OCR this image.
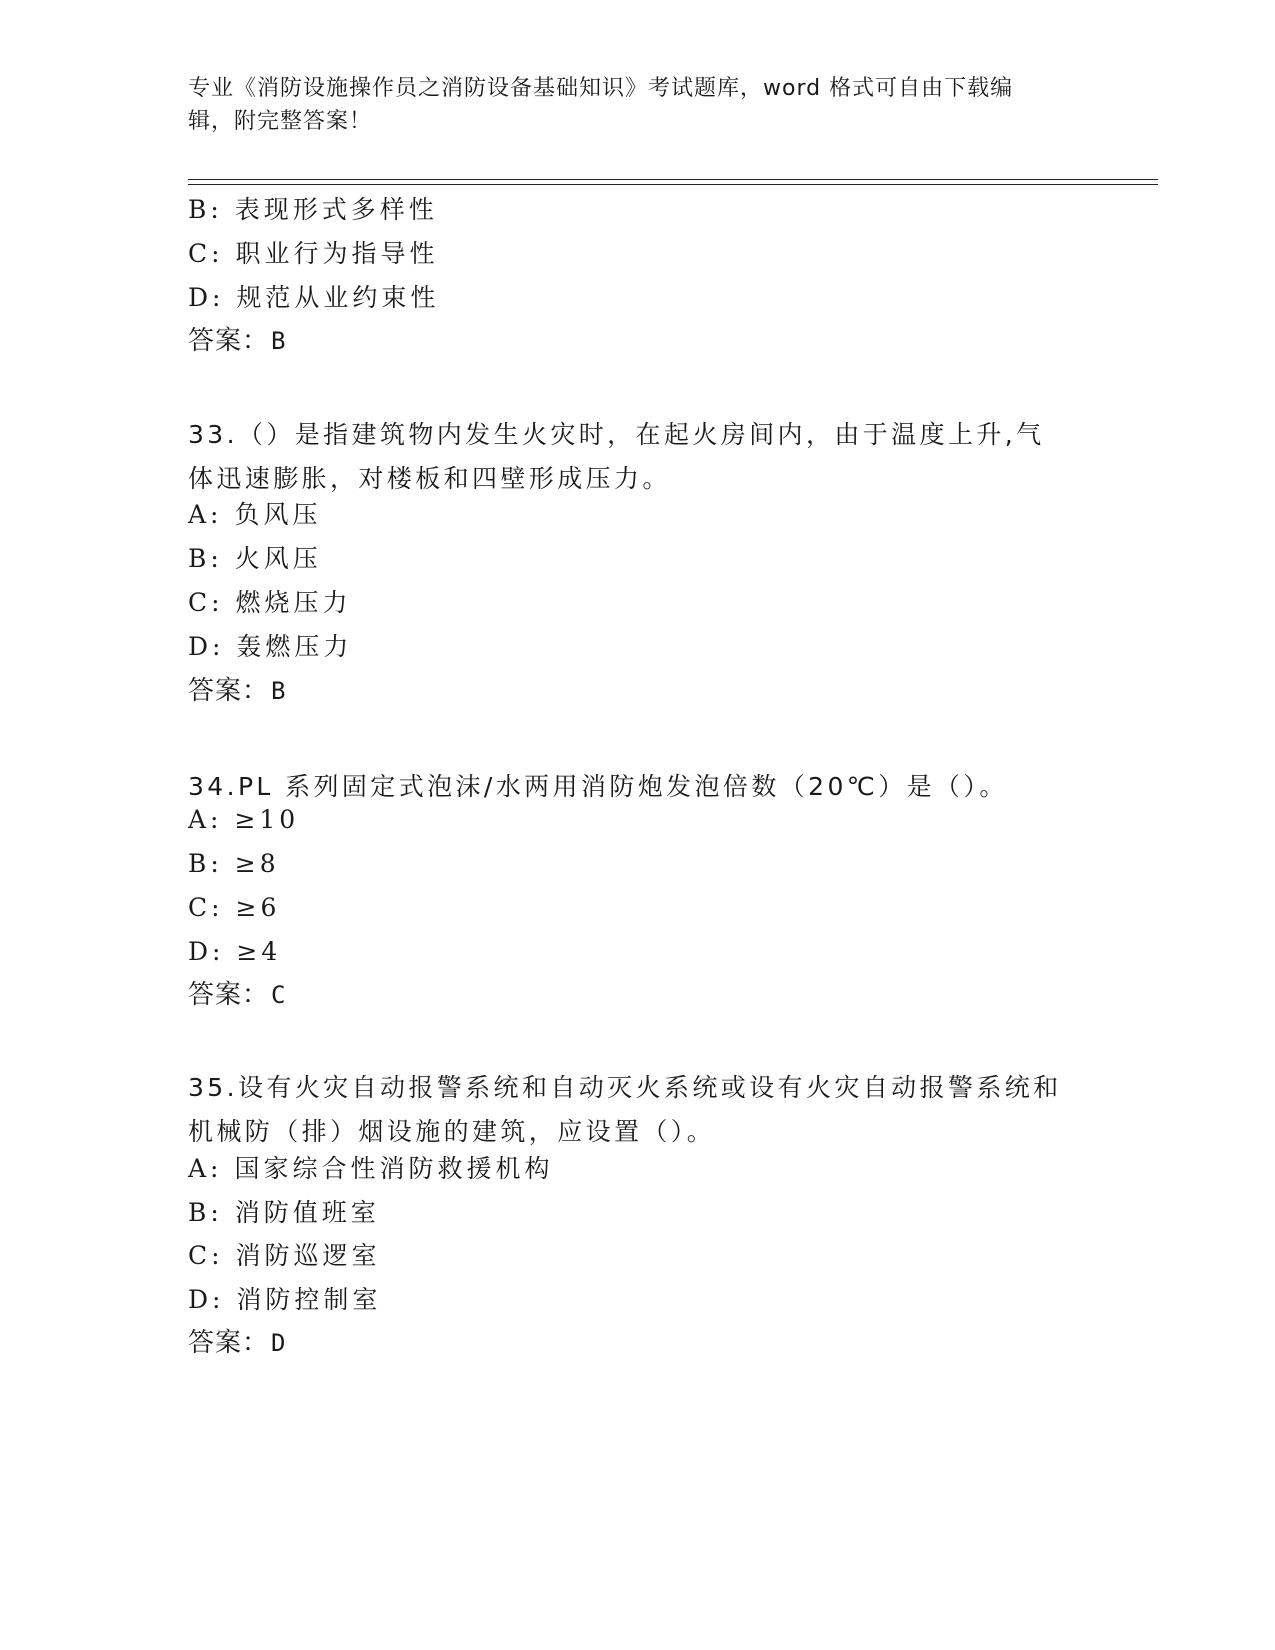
专业《消防设施操作员之消防设备基础知识》考试题库，word 格式可自由下载编
辑，附完整答案！
B: 表现形式多样性
C: 职业行为指导性
D: 规范从业约束性
答案：B
33.（）是指建筑物内发生火灾时，在起火房间内，由于温度上升,气
体迅速膨胀，对楼板和四壁形成压力。
A: 负风压
B: 火风压
C: 燃烧压力
D: 轰燃压力
答案：B
34.PL 系列固定式泡沫/水两用消防炮发泡倍数（20℃）是（）。
A: ≥10
B: ≥8
C: ≥6
D: ≥4
答案：C
35.设有火灾自动报警系统和自动灭火系统或设有火灾自动报警系统和
机械防（排）烟设施的建筑，应设置（）。
A: 国家综合性消防救援机构
B: 消防值班室
C: 消防巡逻室
D: 消防控制室
答案：D
